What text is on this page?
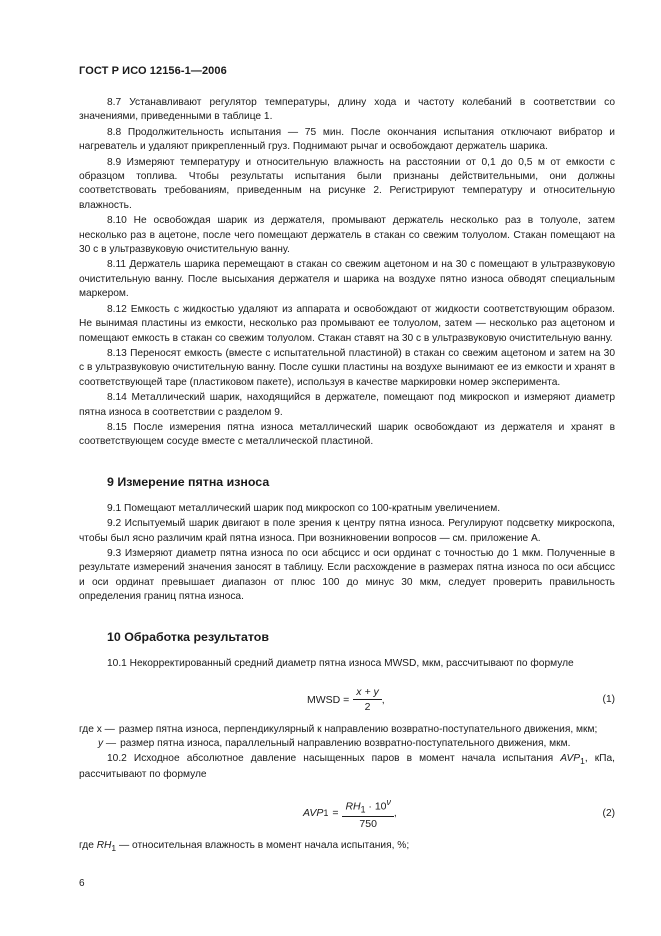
ГОСТ Р ИСО 12156-1—2006

8.7 Устанавливают регулятор температуры, длину хода и частоту колебаний в соответствии со значениями, приведенными в таблице 1.

8.8 Продолжительность испытания — 75 мин. После окончания испытания отключают вибратор и нагреватель и удаляют прикрепленный груз. Поднимают рычаг и освобождают держатель шарика.

8.9 Измеряют температуру и относительную влажность на расстоянии от 0,1 до 0,5 м от емкости с образцом топлива. Чтобы результаты испытания были признаны действительными, они должны соответствовать требованиям, приведенным на рисунке 2. Регистрируют температуру и относительную влажность.

8.10 Не освобождая шарик из держателя, промывают держатель несколько раз в толуоле, затем несколько раз в ацетоне, после чего помещают держатель в стакан со свежим толуолом. Стакан помещают на 30 с в ультразвуковую очистительную ванну.

8.11 Держатель шарика перемещают в стакан со свежим ацетоном и на 30 с помещают в ультразвуковую очистительную ванну. После высыхания держателя и шарика на воздухе пятно износа обводят специальным маркером.

8.12 Емкость с жидкостью удаляют из аппарата и освобождают от жидкости соответствующим образом. Не вынимая пластины из емкости, несколько раз промывают ее толуолом, затем — несколько раз ацетоном и помещают емкость в стакан со свежим толуолом. Стакан ставят на 30 с в ультразвуковую очистительную ванну.

8.13 Переносят емкость (вместе с испытательной пластиной) в стакан со свежим ацетоном и затем на 30 с в ультразвуковую очистительную ванну. После сушки пластины на воздухе вынимают ее из емкости и хранят в соответствующей таре (пластиковом пакете), используя в качестве маркировки номер эксперимента.

8.14 Металлический шарик, находящийся в держателе, помещают под микроскоп и измеряют диаметр пятна износа в соответствии с разделом 9.

8.15 После измерения пятна износа металлический шарик освобождают из держателя и хранят в соответствующем сосуде вместе с металлической пластиной.

9 Измерение пятна износа

9.1 Помещают металлический шарик под микроскоп со 100-кратным увеличением.

9.2 Испытуемый шарик двигают в поле зрения к центру пятна износа. Регулируют подсветку микроскопа, чтобы был ясно различим край пятна износа. При возникновении вопросов — см. приложение А.

9.3 Измеряют диаметр пятна износа по оси абсцисс и оси ординат с точностью до 1 мкм. Полученные в результате измерений значения заносят в таблицу. Если расхождение в размерах пятна износа по оси абсцисс и оси ординат превышает диапазон от плюс 100 до минус 30 мкм, следует проверить правильность определения границ пятна износа.

10 Обработка результатов

10.1 Некорректированный средний диаметр пятна износа MWSD, мкм, рассчитывают по формуле

MWSD = $\frac{x + y}{2}$ ,	(1)
где x — размер пятна износа, перпендикулярный к направлению возвратно-поступательного движения, мкм;
y — размер пятна износа, параллельный направлению возвратно-поступательного движения, мкм.

10.2 Исходное абсолютное давление насыщенных паров в момент начала испытания $AVP_1$, кПа, рассчитывают по формуле

AVP $1 = \frac{RH_1 \cdot 10^\nu}{750}$ ,	(2)

где $RH_1$ — относительная влажность в момент начала испытания, %;

6
